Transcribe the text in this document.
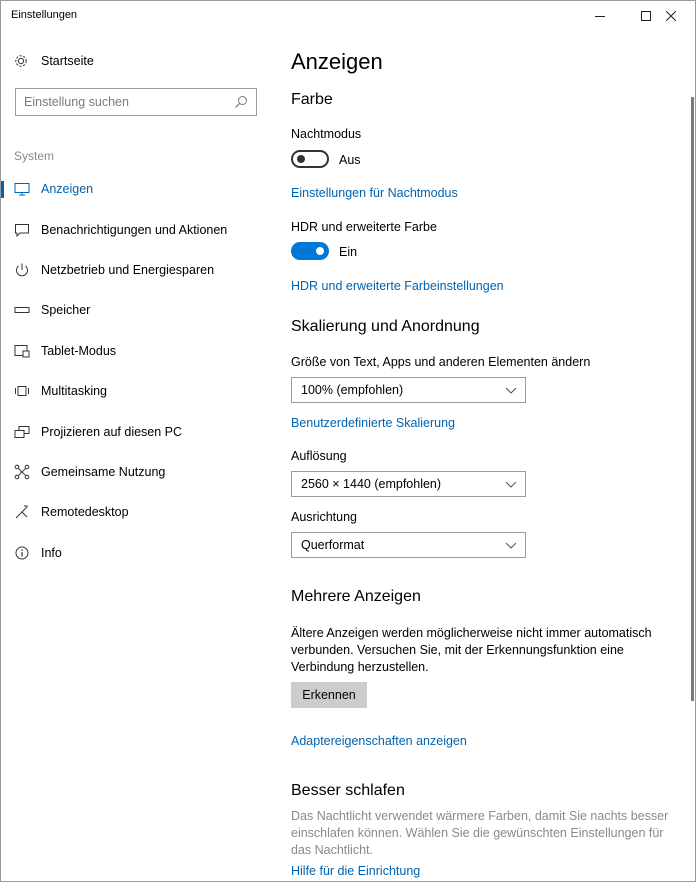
Einstellungen
Startseite
Einstellung suchen
System
Anzeigen
Benachrichtigungen und Aktionen
Netzbetrieb und Energiesparen
Speicher
Tablet-Modus
Multitasking
Projizieren auf diesen PC
Gemeinsame Nutzung
Remotedesktop
Info
Anzeigen
Farbe
Nachtmodus
Aus
Einstellungen für Nachtmodus
HDR und erweiterte Farbe
Ein
HDR und erweiterte Farbeinstellungen
Skalierung und Anordnung
Größe von Text, Apps und anderen Elementen ändern
100% (empfohlen)
Benutzerdefinierte Skalierung
Auflösung
2560 × 1440 (empfohlen)
Ausrichtung
Querformat
Mehrere Anzeigen
Ältere Anzeigen werden möglicherweise nicht immer automatisch verbunden. Versuchen Sie, mit der Erkennungsfunktion eine Verbindung herzustellen.
Erkennen
Adaptereigenschaften anzeigen
Besser schlafen
Das Nachtlicht verwendet wärmere Farben, damit Sie nachts besser einschlafen können. Wählen Sie die gewünschten Einstellungen für das Nachtlicht.
Hilfe für die Einrichtung
